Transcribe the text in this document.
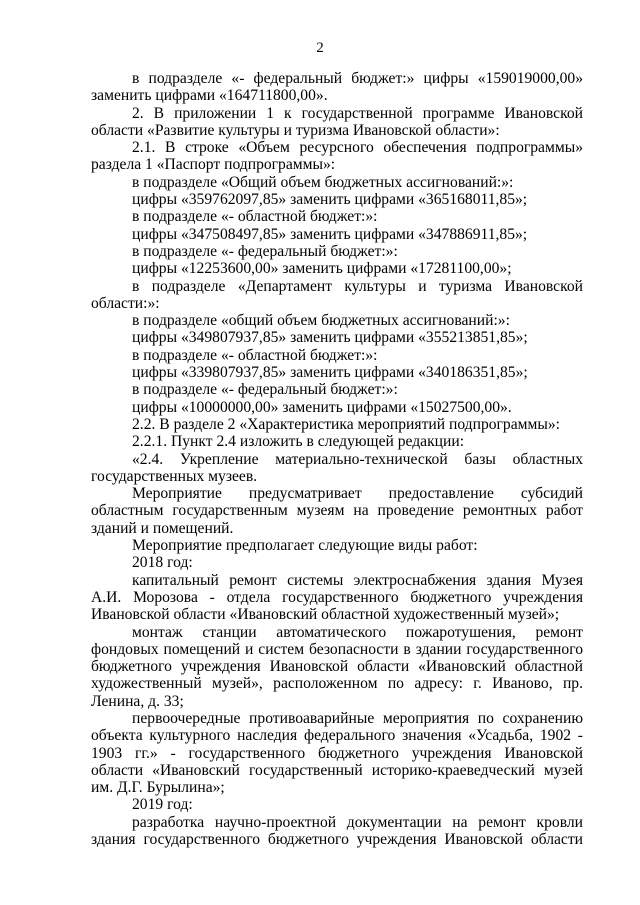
2

в подразделе «- федеральный бюджет:» цифры «159019000,00» заменить цифрами «164711800,00».

2. В приложении 1 к государственной программе Ивановской области «Развитие культуры и туризма Ивановской области»:

2.1. В строке «Объем ресурсного обеспечения подпрограммы» раздела 1 «Паспорт подпрограммы»:

в подразделе «Общий объем бюджетных ассигнований:»:

цифры «359762097,85» заменить цифрами «365168011,85»;

в подразделе «- областной бюджет:»:

цифры «347508497,85» заменить цифрами «347886911,85»;

в подразделе «- федеральный бюджет:»:

цифры «12253600,00» заменить цифрами «17281100,00»;

в подразделе «Департамент культуры и туризма Ивановской области:»:

в подразделе «общий объем бюджетных ассигнований:»:

цифры «349807937,85» заменить цифрами «355213851,85»;

в подразделе «- областной бюджет:»:

цифры «339807937,85» заменить цифрами «340186351,85»;

в подразделе «- федеральный бюджет:»:

цифры «10000000,00» заменить цифрами «15027500,00».

2.2. В разделе 2 «Характеристика мероприятий подпрограммы»:

2.2.1. Пункт 2.4 изложить в следующей редакции:

«2.4. Укрепление материально-технической базы областных государственных музеев.

Мероприятие предусматривает предоставление субсидий областным государственным музеям на проведение ремонтных работ зданий и помещений.

Мероприятие предполагает следующие виды работ:

2018 год:

капитальный ремонт системы электроснабжения здания Музея А.И. Морозова - отдела государственного бюджетного учреждения Ивановской области «Ивановский областной художественный музей»;

монтаж станции автоматического пожаротушения, ремонт фондовых помещений и систем безопасности в здании государственного бюджетного учреждения Ивановской области «Ивановский областной художественный музей», расположенном по адресу: г. Иваново, пр. Ленина, д. 33;

первоочередные противоаварийные мероприятия по сохранению объекта культурного наследия федерального значения «Усадьба, 1902 - 1903 гг.» - государственного бюджетного учреждения Ивановской области «Ивановский государственный историко-краеведческий музей им. Д.Г. Бурылина»;

2019 год:

разработка научно-проектной документации на ремонт кровли здания государственного бюджетного учреждения Ивановской области
